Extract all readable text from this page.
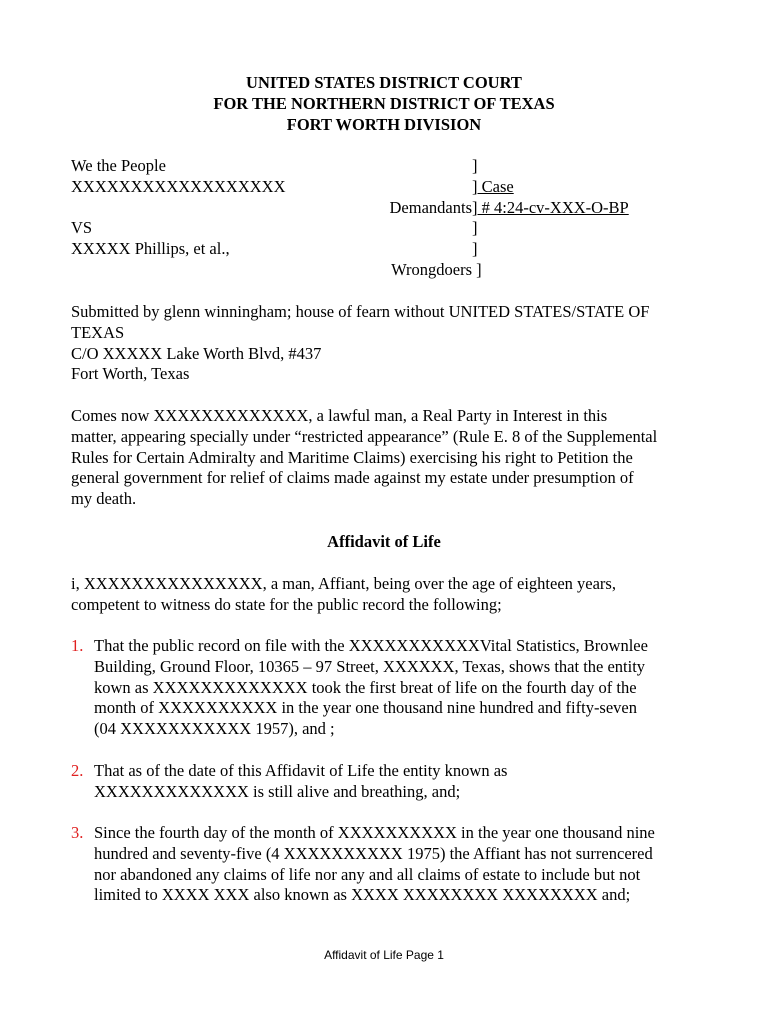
UNITED STATES DISTRICT COURT
FOR THE NORTHERN DISTRICT OF TEXAS
FORT WORTH DIVISION
We the People
XXXXXXXXXXXXXXXXXX
VS
XXXXX Phillips, et al.,
Demandants
Wrongdoers
]
] Case
] # 4:24-cv-XXX-O-BP
]
]
]
Submitted by glenn winningham; house of fearn without UNITED STATES/STATE OF
TEXAS
C/O XXXXX Lake Worth Blvd, #437
Fort Worth, Texas
Comes now XXXXXXXXXXXXX, a lawful man, a Real Party in Interest in this
matter, appearing specially under “restricted appearance” (Rule E. 8 of the Supplemental
Rules for Certain Admiralty and Maritime Claims) exercising his right to Petition the
general government for relief of claims made against my estate under presumption of
my death.
Affidavit of Life
i, XXXXXXXXXXXXXXX, a man, Affiant, being over the age of eighteen years,
competent to witness do state for the public record the following;
1. That the public record on file with the XXXXXXXXXXXVital Statistics, Brownlee
Building, Ground Floor, 10365 – 97 Street, XXXXXX, Texas, shows that the entity
kown as XXXXXXXXXXXXX took the first breat of life on the fourth day of the
month of XXXXXXXXXX in the year one thousand nine hundred and fifty-seven
(04 XXXXXXXXXXX 1957), and ;
2. That as of the date of this Affidavit of Life the entity known as
XXXXXXXXXXXXX is still alive and breathing, and;
3. Since the fourth day of the month of XXXXXXXXXX in the year one thousand nine
hundred and seventy-five (4 XXXXXXXXXX 1975) the Affiant has not surrencered
nor abandoned any claims of life nor any and all claims of estate to include but not
limited to XXXX XXX also known as XXXX XXXXXXXX XXXXXXXX and;
Affidavit of Life Page 1
